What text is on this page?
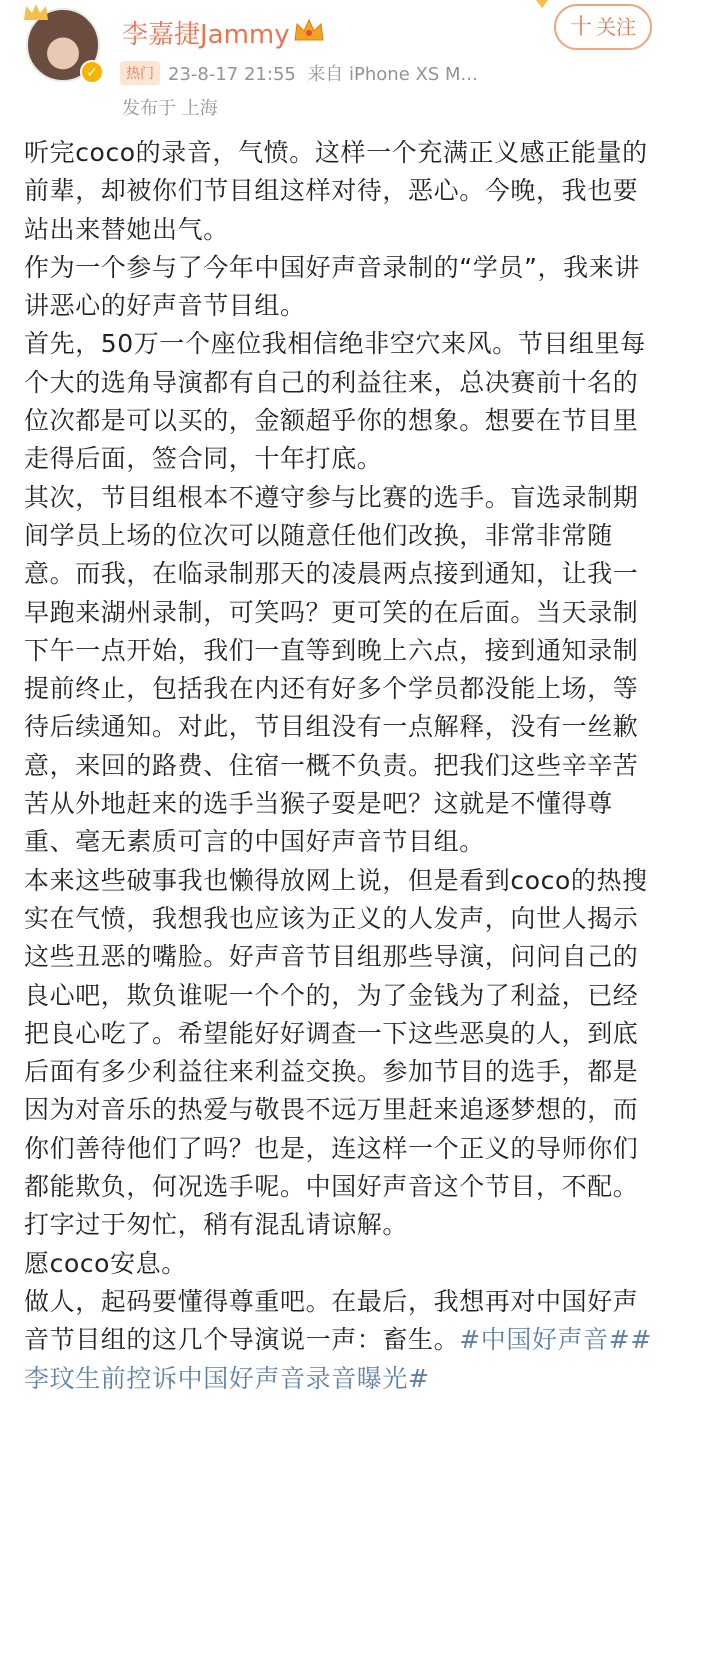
✓
李嘉捷Jammy	十 关注
热门 23-8-17 21:55 来自 iPhone XS M...
发布于 上海

听完coco的录音，气愤。这样一个充满正义感正能量的前辈，却被你们节目组这样对待，恶心。今晚，我也要站出来替她出气。

作为一个参与了今年中国好声音录制的“学员”，我来讲讲恶心的好声音节目组。

首先，50万一个座位我相信绝非空穴来风。节目组里每个大的选角导演都有自己的利益往来，总决赛前十名的位次都是可以买的，金额超乎你的想象。想要在节目里走得后面，签合同，十年打底。

其次，节目组根本不遵守参与比赛的选手。盲选录制期间学员上场的位次可以随意任他们改换，非常非常随意。而我，在临录制那天的凌晨两点接到通知，让我一早跑来湖州录制，可笑吗？更可笑的在后面。当天录制下午一点开始，我们一直等到晚上六点，接到通知录制提前终止，包括我在内还有好多个学员都没能上场，等待后续通知。对此，节目组没有一点解释，没有一丝歉意，来回的路费、住宿一概不负责。把我们这些辛辛苦苦从外地赶来的选手当猴子耍是吧？这就是不懂得尊重、毫无素质可言的中国好声音节目组。

本来这些破事我也懒得放网上说，但是看到coco的热搜实在气愤，我想我也应该为正义的人发声，向世人揭示这些丑恶的嘴脸。好声音节目组那些导演，问问自己的良心吧，欺负谁呢一个个的，为了金钱为了利益，已经把良心吃了。希望能好好调查一下这些恶臭的人，到底后面有多少利益往来利益交换。参加节目的选手，都是因为对音乐的热爱与敬畏不远万里赶来追逐梦想的，而你们善待他们了吗？也是，连这样一个正义的导师你们都能欺负，何况选手呢。中国好声音这个节目，不配。

打字过于匆忙，稍有混乱请谅解。

愿coco安息。

做人，起码要懂得尊重吧。在最后，我想再对中国好声音节目组的这几个导演说一声：畜生。#中国好声音##李玟生前控诉中国好声音录音曝光#
